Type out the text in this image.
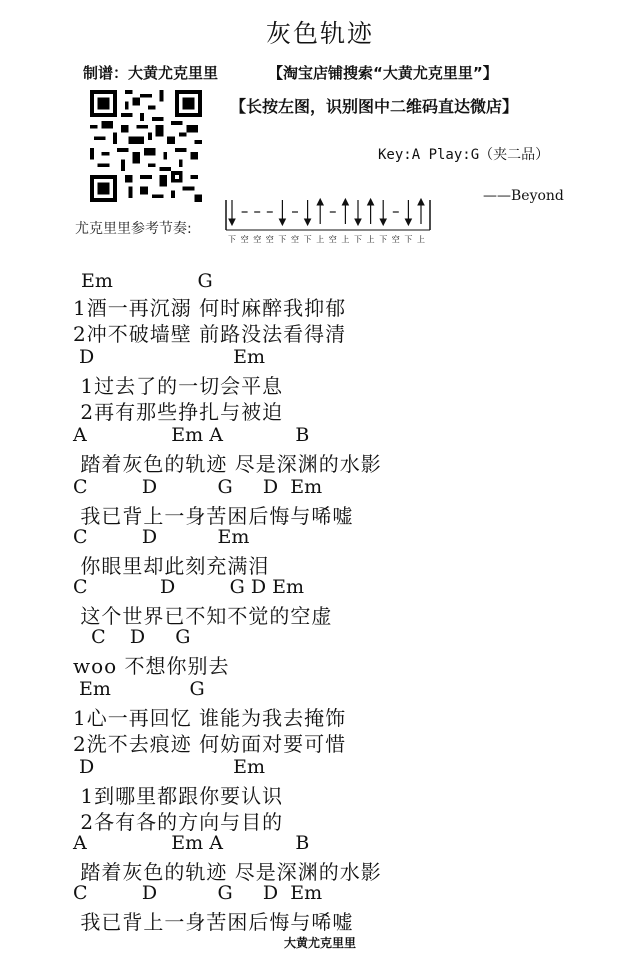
灰色轨迹
制谱：大黄尤克里里	【淘宝店铺搜索“大黄尤克里里”】
【长按左图，识别图中二维码直达微店】
Key:A Play:G（夹二品）
——Beyond
尤克里里参考节奏:
下 空 空 空 下 空 下 上 空 上 下 上 下 空 下 上

Em              G

1酒一再沉溺 何时麻醉我抑郁

2冲不破墙壁 前路没法看得清

D                       Em

1过去了的一切会平息

2再有那些挣扎与被迫

A              Em A            B

踏着灰色的轨迹 尽是深渊的水影

C         D          G     D  Em

我已背上一身苦困后悔与唏嘘

C         D          Em

你眼里却此刻充满泪

C            D         G D Em

这个世界已不知不觉的空虚

C    D     G

woo 不想你别去

Em             G

1心一再回忆 谁能为我去掩饰

2洗不去痕迹 何妨面对要可惜

D                       Em

1到哪里都跟你要认识

2各有各的方向与目的

A              Em A            B

踏着灰色的轨迹 尽是深渊的水影

C         D          G     D  Em

我已背上一身苦困后悔与唏嘘

大黄尤克里里
